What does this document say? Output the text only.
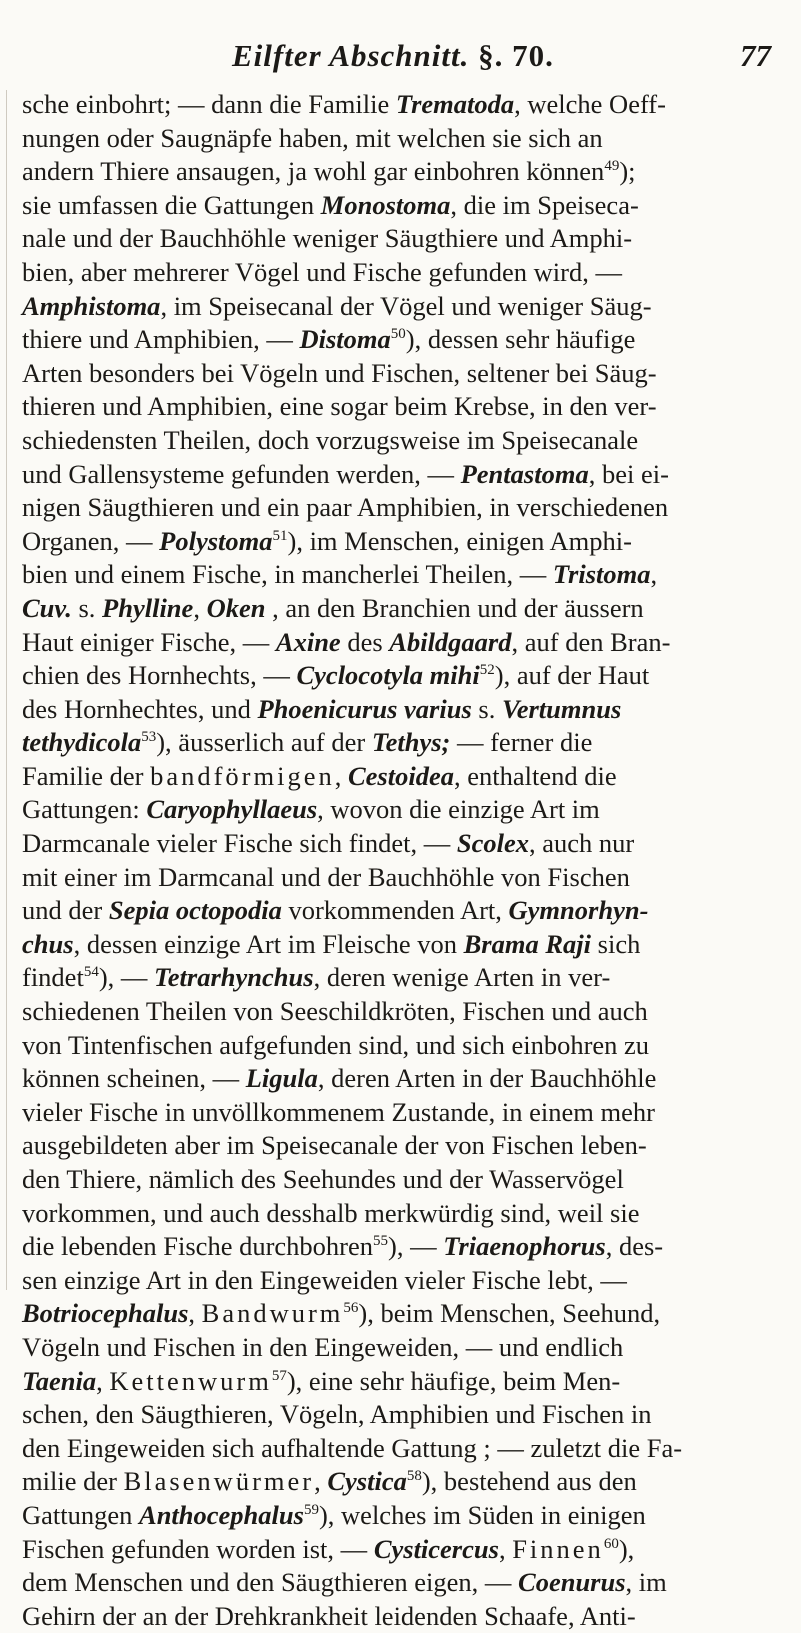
Eilfter Abschnitt. §. 70.	77
sche einbohrt; — dann die Familie Trematoda, welche Oeff-
nungen oder Saugnäpfe haben, mit welchen sie sich an
andern Thiere ansaugen, ja wohl gar einbohren können$^{49}$);
sie umfassen die Gattungen Monostoma, die im Speiseca-
nale und der Bauchhöhle weniger Säugthiere und Amphi-
bien, aber mehrerer Vögel und Fische gefunden wird, —
Amphistoma, im Speisecanal der Vögel und weniger Säug-
thiere und Amphibien, — Distoma$^{50}$), dessen sehr häufige
Arten besonders bei Vögeln und Fischen, seltener bei Säug-
thieren und Amphibien, eine sogar beim Krebse, in den ver-
schiedensten Theilen, doch vorzugsweise im Speisecanale
und Gallensysteme gefunden werden, — Pentastoma, bei ei-
nigen Säugthieren und ein paar Amphibien, in verschiedenen
Organen, — Polystoma$^{51}$), im Menschen, einigen Amphi-
bien und einem Fische, in mancherlei Theilen, — Tristoma,
Cuv. s. Phylline, Oken , an den Branchien und der äussern
Haut einiger Fische, — Axine des Abildgaard, auf den Bran-
chien des Hornhechts, — Cyclocotyla mihi$^{52}$), auf der Haut
des Hornhechtes, und Phoenicurus varius s. Vertumnus
tethydicola$^{53}$), äusserlich auf der Tethys; — ferner die
Familie der bandförmigen, Cestoidea, enthaltend die
Gattungen: Caryophyllaeus, wovon die einzige Art im
Darmcanale vieler Fische sich findet, — Scolex, auch nur
mit einer im Darmcanal und der Bauchhöhle von Fischen
und der Sepia octopodia vorkommenden Art, Gymnorhyn-
chus, dessen einzige Art im Fleische von Brama Raji sich
findet$^{54}$), — Tetrarhynchus, deren wenige Arten in ver-
schiedenen Theilen von Seeschildkröten, Fischen und auch
von Tintenfischen aufgefunden sind, und sich einbohren zu
können scheinen, — Ligula, deren Arten in der Bauchhöhle
vieler Fische in unvöllkommenem Zustande, in einem mehr
ausgebildeten aber im Speisecanale der von Fischen leben-
den Thiere, nämlich des Seehundes und der Wasservögel
vorkommen, und auch desshalb merkwürdig sind, weil sie
die lebenden Fische durchbohren$^{55}$), — Triaenophorus, des-
sen einzige Art in den Eingeweiden vieler Fische lebt, —
Botriocephalus, Bandwurm$^{56}$), beim Menschen, Seehund,
Vögeln und Fischen in den Eingeweiden, — und endlich
Taenia, Kettenwurm$^{57}$), eine sehr häufige, beim Men-
schen, den Säugthieren, Vögeln, Amphibien und Fischen in
den Eingeweiden sich aufhaltende Gattung ; — zuletzt die Fa-
milie der Blasenwürmer, Cystica$^{58}$), bestehend aus den
Gattungen Anthocephalus$^{59}$), welches im Süden in einigen
Fischen gefunden worden ist, — Cysticercus, Finnen$^{60}$),
dem Menschen und den Säugthieren eigen, — Coenurus, im
Gehirn der an der Drehkrankheit leidenden Schaafe, Anti-
